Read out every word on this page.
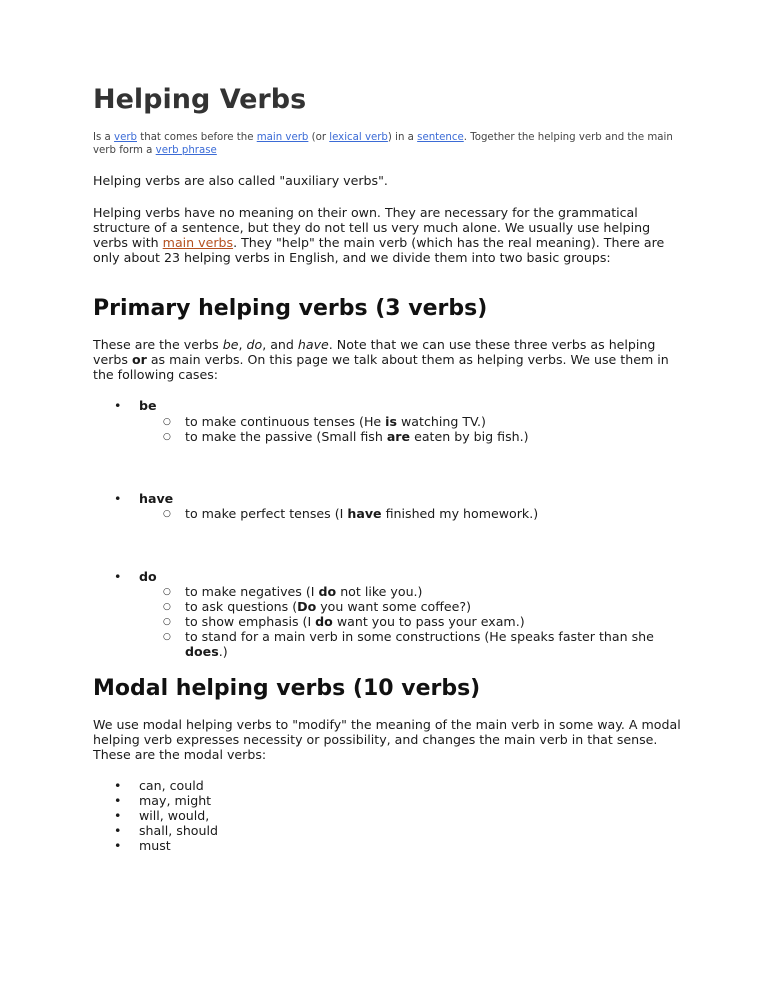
Helping Verbs
Is a verb that comes before the main verb (or lexical verb) in a sentence. Together the helping verb and the main verb form a verb phrase

Helping verbs are also called "auxiliary verbs".

Helping verbs have no meaning on their own. They are necessary for the grammatical structure of a sentence, but they do not tell us very much alone. We usually use helping verbs with main verbs. They "help" the main verb (which has the real meaning). There are only about 23 helping verbs in English, and we divide them into two basic groups:

Primary helping verbs (3 verbs)

These are the verbs be, do, and have. Note that we can use these three verbs as helping verbs or as main verbs. On this page we talk about them as helping verbs. We use them in the following cases:

• be
○ to make continuous tenses (He is watching TV.)
○ to make the passive (Small fish are eaten by big fish.)
• have
○ to make perfect tenses (I have finished my homework.)
• do
○ to make negatives (I do not like you.)
○ to ask questions (Do you want some coffee?)
○ to show emphasis (I do want you to pass your exam.)
○ to stand for a main verb in some constructions (He speaks faster than she does.)
Modal helping verbs (10 verbs)

We use modal helping verbs to "modify" the meaning of the main verb in some way. A modal helping verb expresses necessity or possibility, and changes the main verb in that sense. These are the modal verbs:

• can, could
• may, might
• will, would,
• shall, should
• must
